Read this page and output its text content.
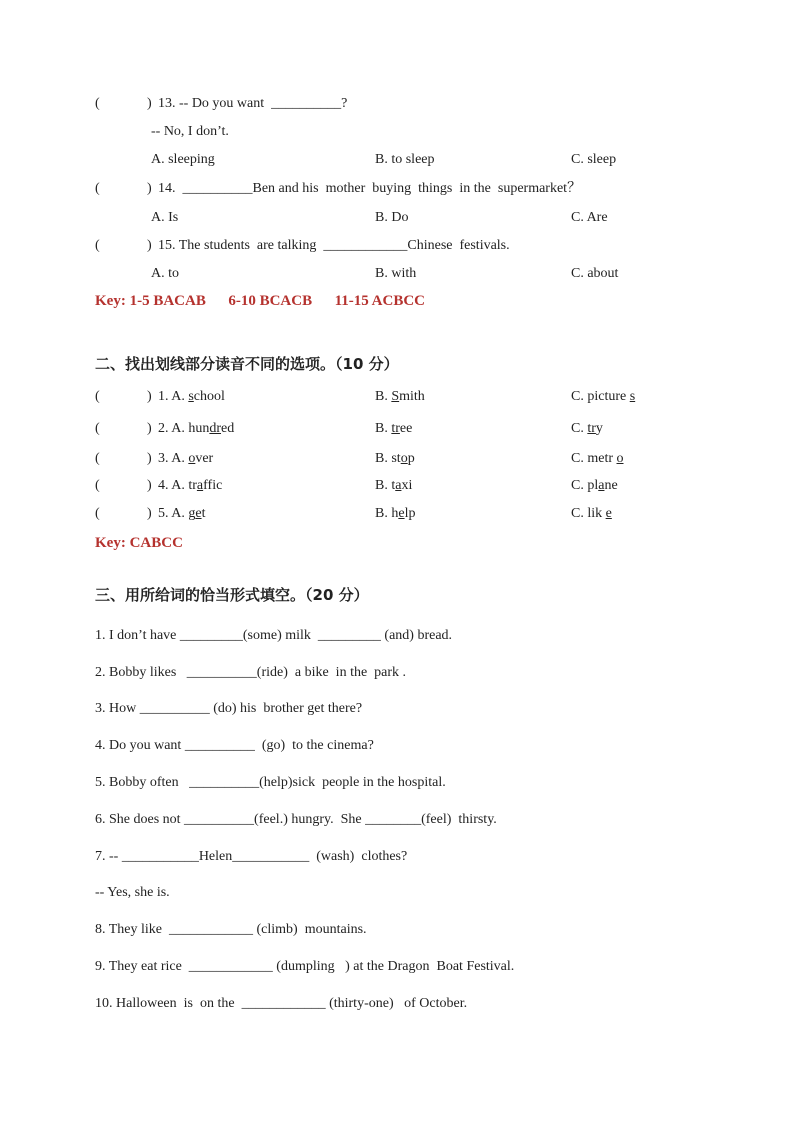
(	) 13. -- Do you want  __________?
-- No, I don’t.
A. sleeping	B. to sleep	C. sleep
(	) 14.  __________Ben and his  mother  buying  things  in the  supermarket？
A. Is	B. Do	C. Are
(	) 15. The students  are talking  ____________Chinese  festivals.
A. to	B. with	C. about
Key: 1-5 BACAB      6-10 BCACB      11-15 ACBCC
二、找出划线部分读音不同的选项。（10 分）
(	) 1. A. school	B. Smith	C. picture s
(	) 2. A. hundred	B. tree	C. try
(	) 3. A. over	B. stop	C. metr o
(	) 4. A. traffic	B. taxi	C. plane
(	) 5. A. get	B. help	C. lik e
Key: CABCC
三、用所给词的恰当形式填空。（20 分）
1. I don’t have _________(some) milk  _________ (and) bread.
2. Bobby likes   __________(ride)  a bike  in the  park .
3. How __________ (do) his  brother get there?
4. Do you want __________  (go)  to the cinema?
5. Bobby often   __________(help)sick  people in the hospital.
6. She does not __________(feel.) hungry.  She ________(feel)  thirsty.
7. -- ___________Helen___________  (wash)  clothes?
-- Yes, she is.
8. They like  ____________ (climb)  mountains.
9. They eat rice  ____________ (dumpling   ) at the Dragon  Boat Festival.
10. Halloween  is  on the  ____________ (thirty-one)   of October.
